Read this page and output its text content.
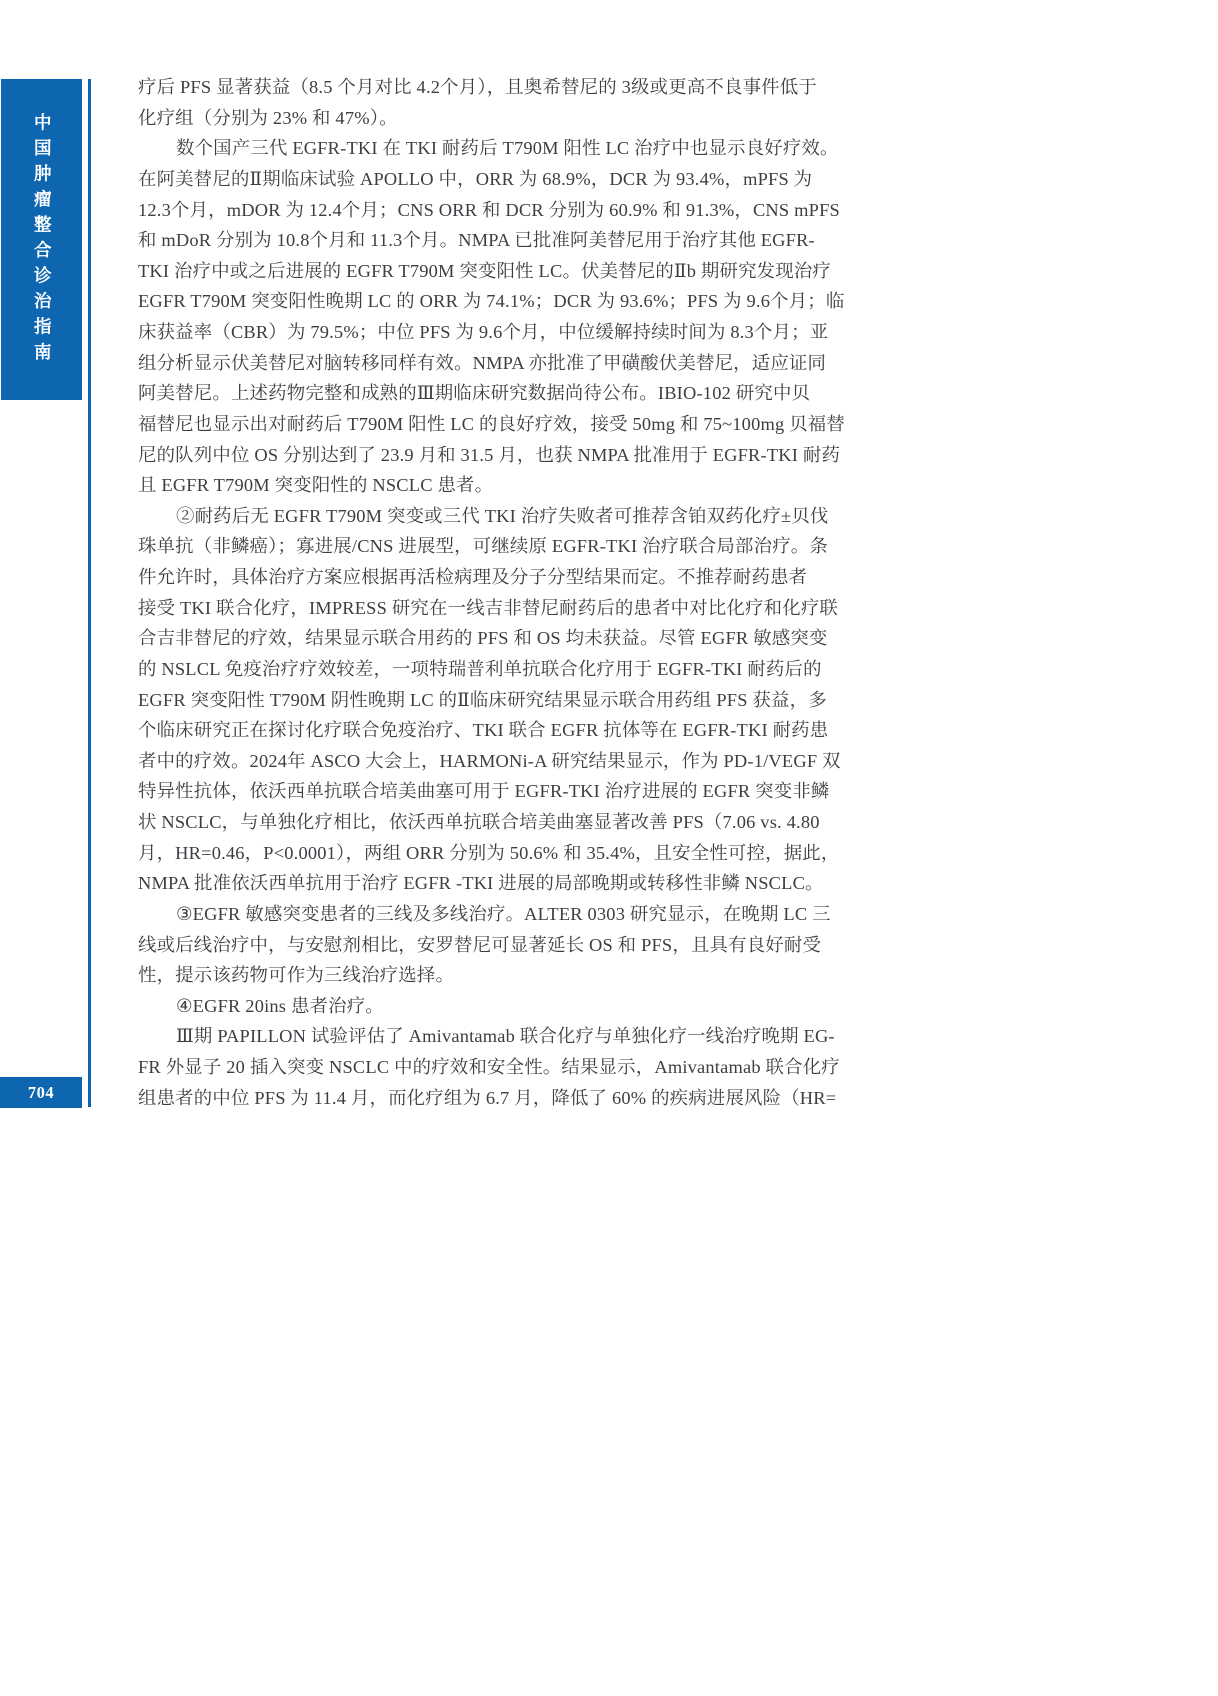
中国肿瘤整合诊治指南
704
疗后 PFS 显著获益（8.5 个月对比 4.2个月），且奥希替尼的 3级或更高不良事件低于
化疗组（分别为 23% 和 47%）。
数个国产三代 EGFR-TKI 在 TKI 耐药后 T790M 阳性 LC 治疗中也显示良好疗效。
在阿美替尼的Ⅱ期临床试验 APOLLO 中，ORR 为 68.9%，DCR 为 93.4%，mPFS 为
12.3个月，mDOR 为 12.4个月；CNS ORR 和 DCR 分别为 60.9% 和 91.3%，CNS mPFS
和 mDoR 分别为 10.8个月和 11.3个月。NMPA 已批准阿美替尼用于治疗其他 EGFR-
TKI 治疗中或之后进展的 EGFR T790M 突变阳性 LC。伏美替尼的Ⅱb 期研究发现治疗
EGFR T790M 突变阳性晚期 LC 的 ORR 为 74.1%；DCR 为 93.6%；PFS 为 9.6个月；临
床获益率（CBR）为 79.5%；中位 PFS 为 9.6个月，中位缓解持续时间为 8.3个月；亚
组分析显示伏美替尼对脑转移同样有效。NMPA 亦批准了甲磺酸伏美替尼，适应证同
阿美替尼。上述药物完整和成熟的Ⅲ期临床研究数据尚待公布。IBIO-102 研究中贝
福替尼也显示出对耐药后 T790M 阳性 LC 的良好疗效，接受 50mg 和 75~100mg 贝福替
尼的队列中位 OS 分别达到了 23.9 月和 31.5 月，也获 NMPA 批准用于 EGFR-TKI 耐药
且 EGFR T790M 突变阳性的 NSCLC 患者。
②耐药后无 EGFR T790M 突变或三代 TKI 治疗失败者可推荐含铂双药化疗±贝伐
珠单抗（非鳞癌）；寡进展/CNS 进展型，可继续原 EGFR-TKI 治疗联合局部治疗。条
件允许时，具体治疗方案应根据再活检病理及分子分型结果而定。不推荐耐药患者
接受 TKI 联合化疗，IMPRESS 研究在一线吉非替尼耐药后的患者中对比化疗和化疗联
合吉非替尼的疗效，结果显示联合用药的 PFS 和 OS 均未获益。尽管 EGFR 敏感突变
的 NSLCL 免疫治疗疗效较差，一项特瑞普利单抗联合化疗用于 EGFR-TKI 耐药后的
EGFR 突变阳性 T790M 阴性晚期 LC 的Ⅱ临床研究结果显示联合用药组 PFS 获益，多
个临床研究正在探讨化疗联合免疫治疗、TKI 联合 EGFR 抗体等在 EGFR-TKI 耐药患
者中的疗效。2024年 ASCO 大会上，HARMONi-A 研究结果显示，作为 PD-1/VEGF 双
特异性抗体，依沃西单抗联合培美曲塞可用于 EGFR-TKI 治疗进展的 EGFR 突变非鳞
状 NSCLC，与单独化疗相比，依沃西单抗联合培美曲塞显著改善 PFS（7.06 vs. 4.80
月，HR=0.46，P<0.0001），两组 ORR 分别为 50.6% 和 35.4%，且安全性可控，据此，
NMPA 批准依沃西单抗用于治疗 EGFR -TKI 进展的局部晚期或转移性非鳞 NSCLC。
③EGFR 敏感突变患者的三线及多线治疗。ALTER 0303 研究显示，在晚期 LC 三
线或后线治疗中，与安慰剂相比，安罗替尼可显著延长 OS 和 PFS，且具有良好耐受
性，提示该药物可作为三线治疗选择。
④EGFR 20ins 患者治疗。
Ⅲ期 PAPILLON 试验评估了 Amivantamab 联合化疗与单独化疗一线治疗晚期 EG-
FR 外显子 20 插入突变 NSCLC 中的疗效和安全性。结果显示，Amivantamab 联合化疗
组患者的中位 PFS 为 11.4 月，而化疗组为 6.7 月，降低了 60% 的疾病进展风险（HR=
